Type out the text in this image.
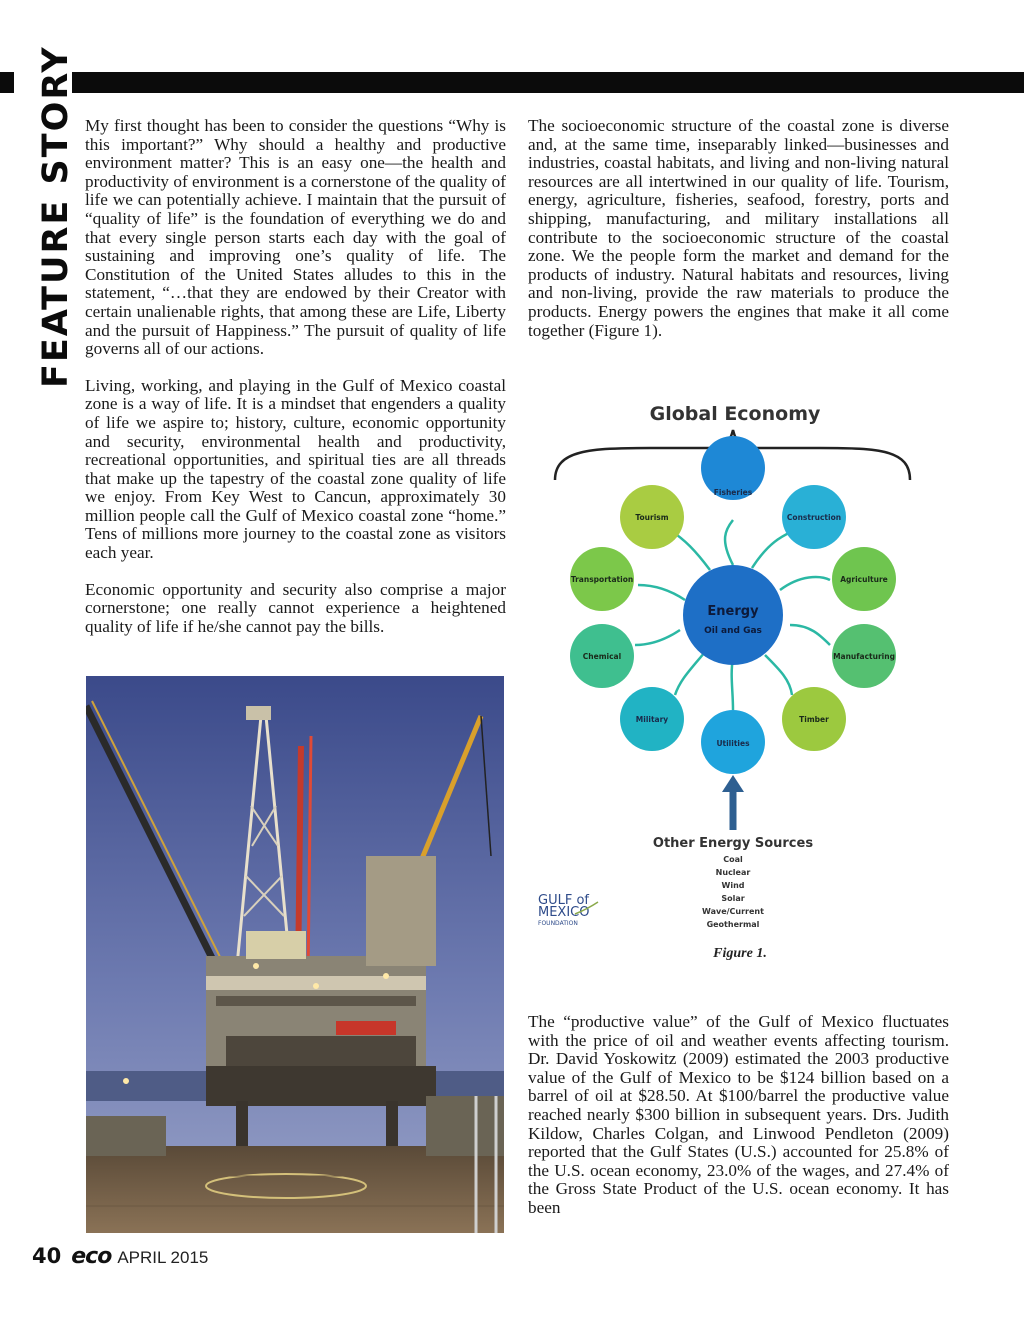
FEATURE STORY My first thought has been to consider the questions “Why is this important?” Why should a healthy and productive environment matter? This is an easy one—the health and productivity of environment is a cornerstone of the quality of life we can potentially achieve. I maintain that the pursuit of “quality of life” is the foundation of everything we do and that every single person starts each day with the goal of sustaining and improving one’s quality of life. The Constitution of the United States alludes to this in the statement, “…that they are endowed by their Creator with certain unalienable rights, that among these are Life, Liberty and the pursuit of Happiness.” The pursuit of quality of life governs all of our actions.

Living, working, and playing in the Gulf of Mexico coastal zone is a way of life. It is a mindset that engenders a quality of life we aspire to; history, culture, economic opportunity and security, environmental health and productivity, recreational opportunities, and spiritual ties are all threads that make up the tapestry of the coastal zone quality of life we enjoy. From Key West to Cancun, approximately 30 million people call the Gulf of Mexico coastal zone “home.” Tens of millions more journey to the coastal zone as visitors each year.

Economic opportunity and security also comprise a major cornerstone; one really cannot experience a heightened quality of life if he/she cannot pay the bills.

The socioeconomic structure of the coastal zone is diverse and, at the same time, inseparably linked—businesses and industries, coastal habitats, and living and non-living natural resources are all intertwined in our quality of life. Tourism, energy, agriculture, fisheries, seafood, forestry, ports and shipping, manufacturing, and military installations all contribute to the socioeconomic structure of the coastal zone. We the people form the market and demand for the products of industry. Natural habitats and resources, living and non-living, provide the raw materials to produce the products. Energy powers the engines that make it all come together (Figure 1).

Global Economy
Energy
Oil and Gas
Fisheries
Construction
Agriculture
Manufacturing
Timber
Utilities
Military
Chemical
Transportation
Tourism
Other Energy Sources
Coal
Nuclear
Wind
Solar
Wave/Current
Geothermal
GULF of
MEXICO
FOUNDATION
Figure 1.

The “productive value” of the Gulf of Mexico fluctuates with the price of oil and weather events affecting tourism. Dr. David Yoskowitz (2009) estimated the 2003 productive value of the Gulf of Mexico to be $124 billion based on a barrel of oil at $28.50. At $100/barrel the productive value reached nearly $300 billion in subsequent years. Drs. Judith Kildow, Charles Colgan, and Linwood Pendleton (2009) reported that the Gulf States (U.S.) accounted for 25.8% of the U.S. ocean economy, 23.0% of the wages, and 27.4% of the Gross State Product of the U.S. ocean economy. It has been

40 eco APRIL 2015
